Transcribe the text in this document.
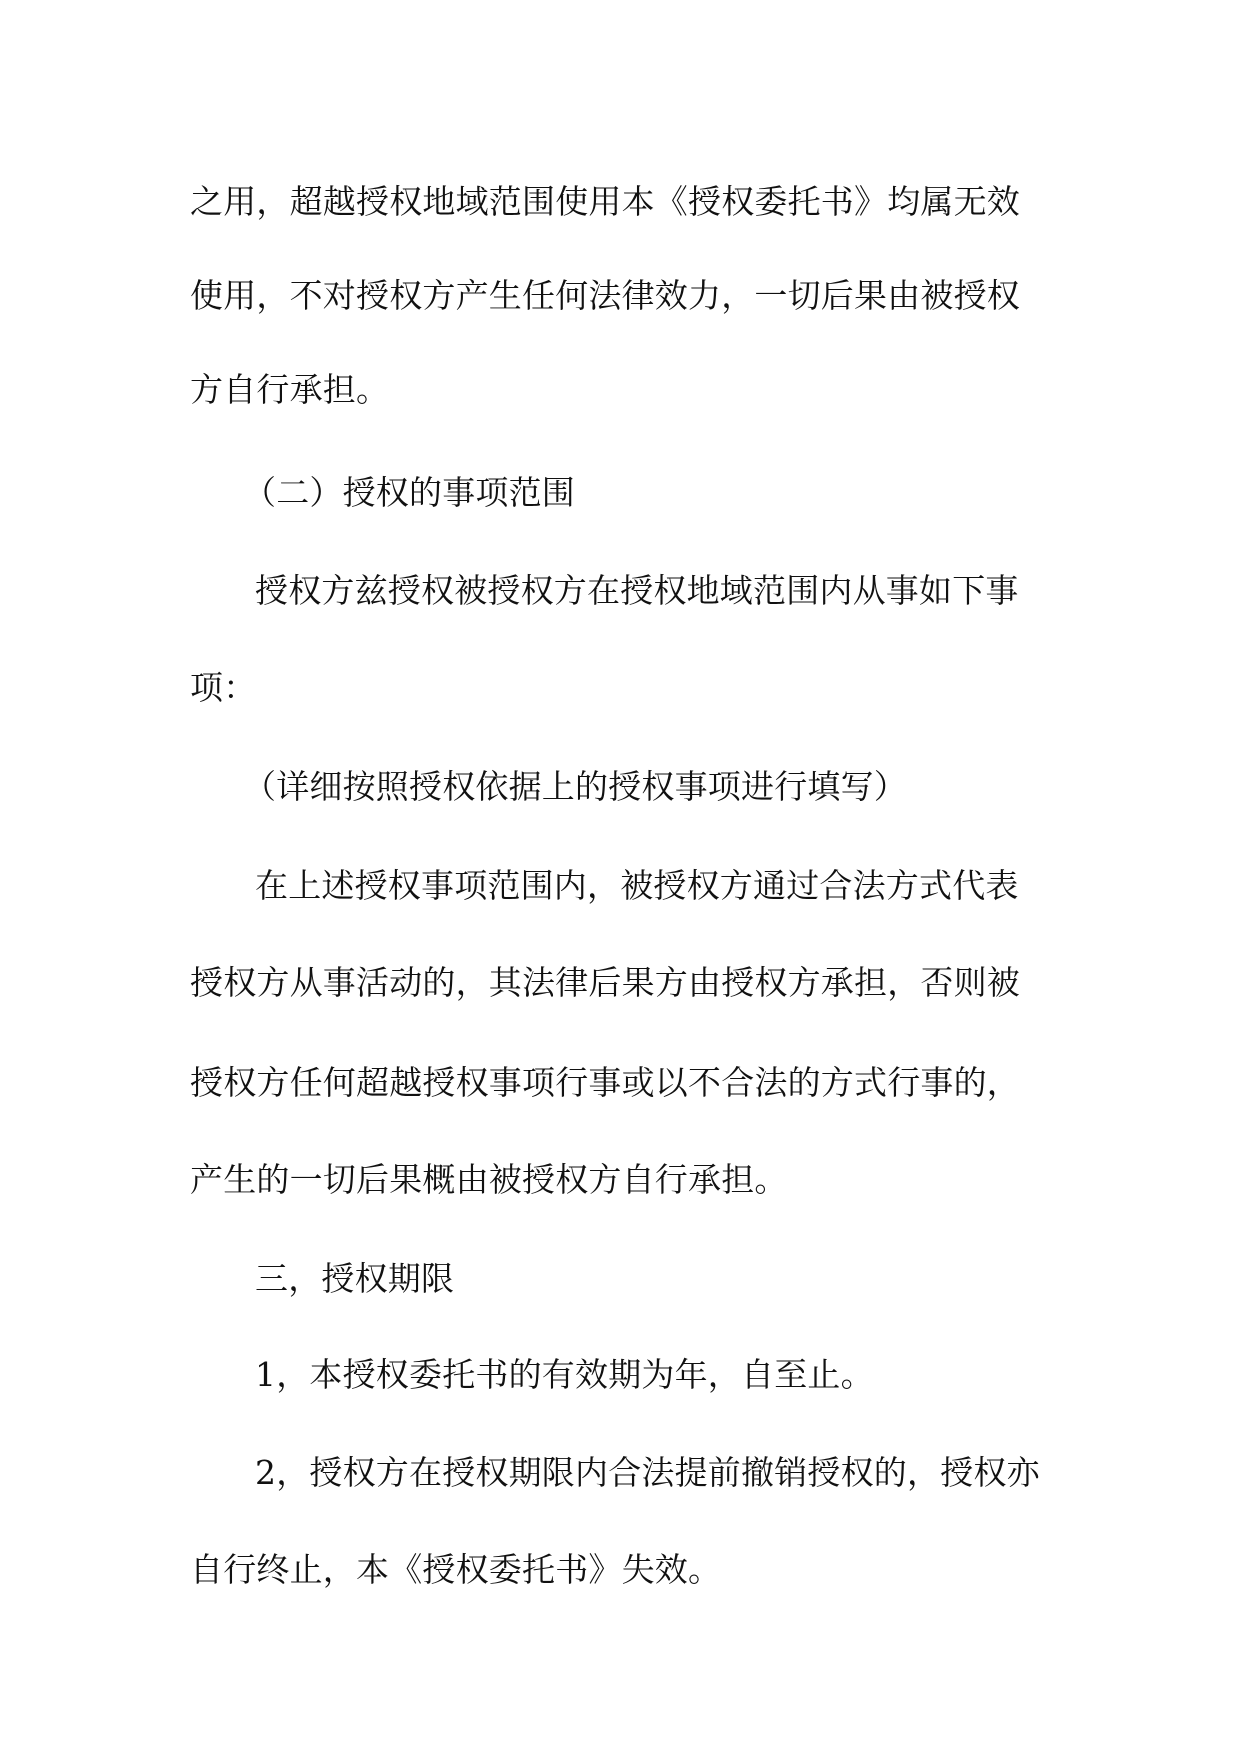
之用，超越授权地域范围使用本《授权委托书》均属无效
使用，不对授权方产生任何法律效力，一切后果由被授权
方自行承担。
（二）授权的事项范围
授权方兹授权被授权方在授权地域范围内从事如下事
项：
（详细按照授权依据上的授权事项进行填写）
在上述授权事项范围内，被授权方通过合法方式代表
授权方从事活动的，其法律后果方由授权方承担，否则被
授权方任何超越授权事项行事或以不合法的方式行事的，
产生的一切后果概由被授权方自行承担。
三，授权期限
1，本授权委托书的有效期为年，自至止。
2，授权方在授权期限内合法提前撤销授权的，授权亦
自行终止，本《授权委托书》失效。
